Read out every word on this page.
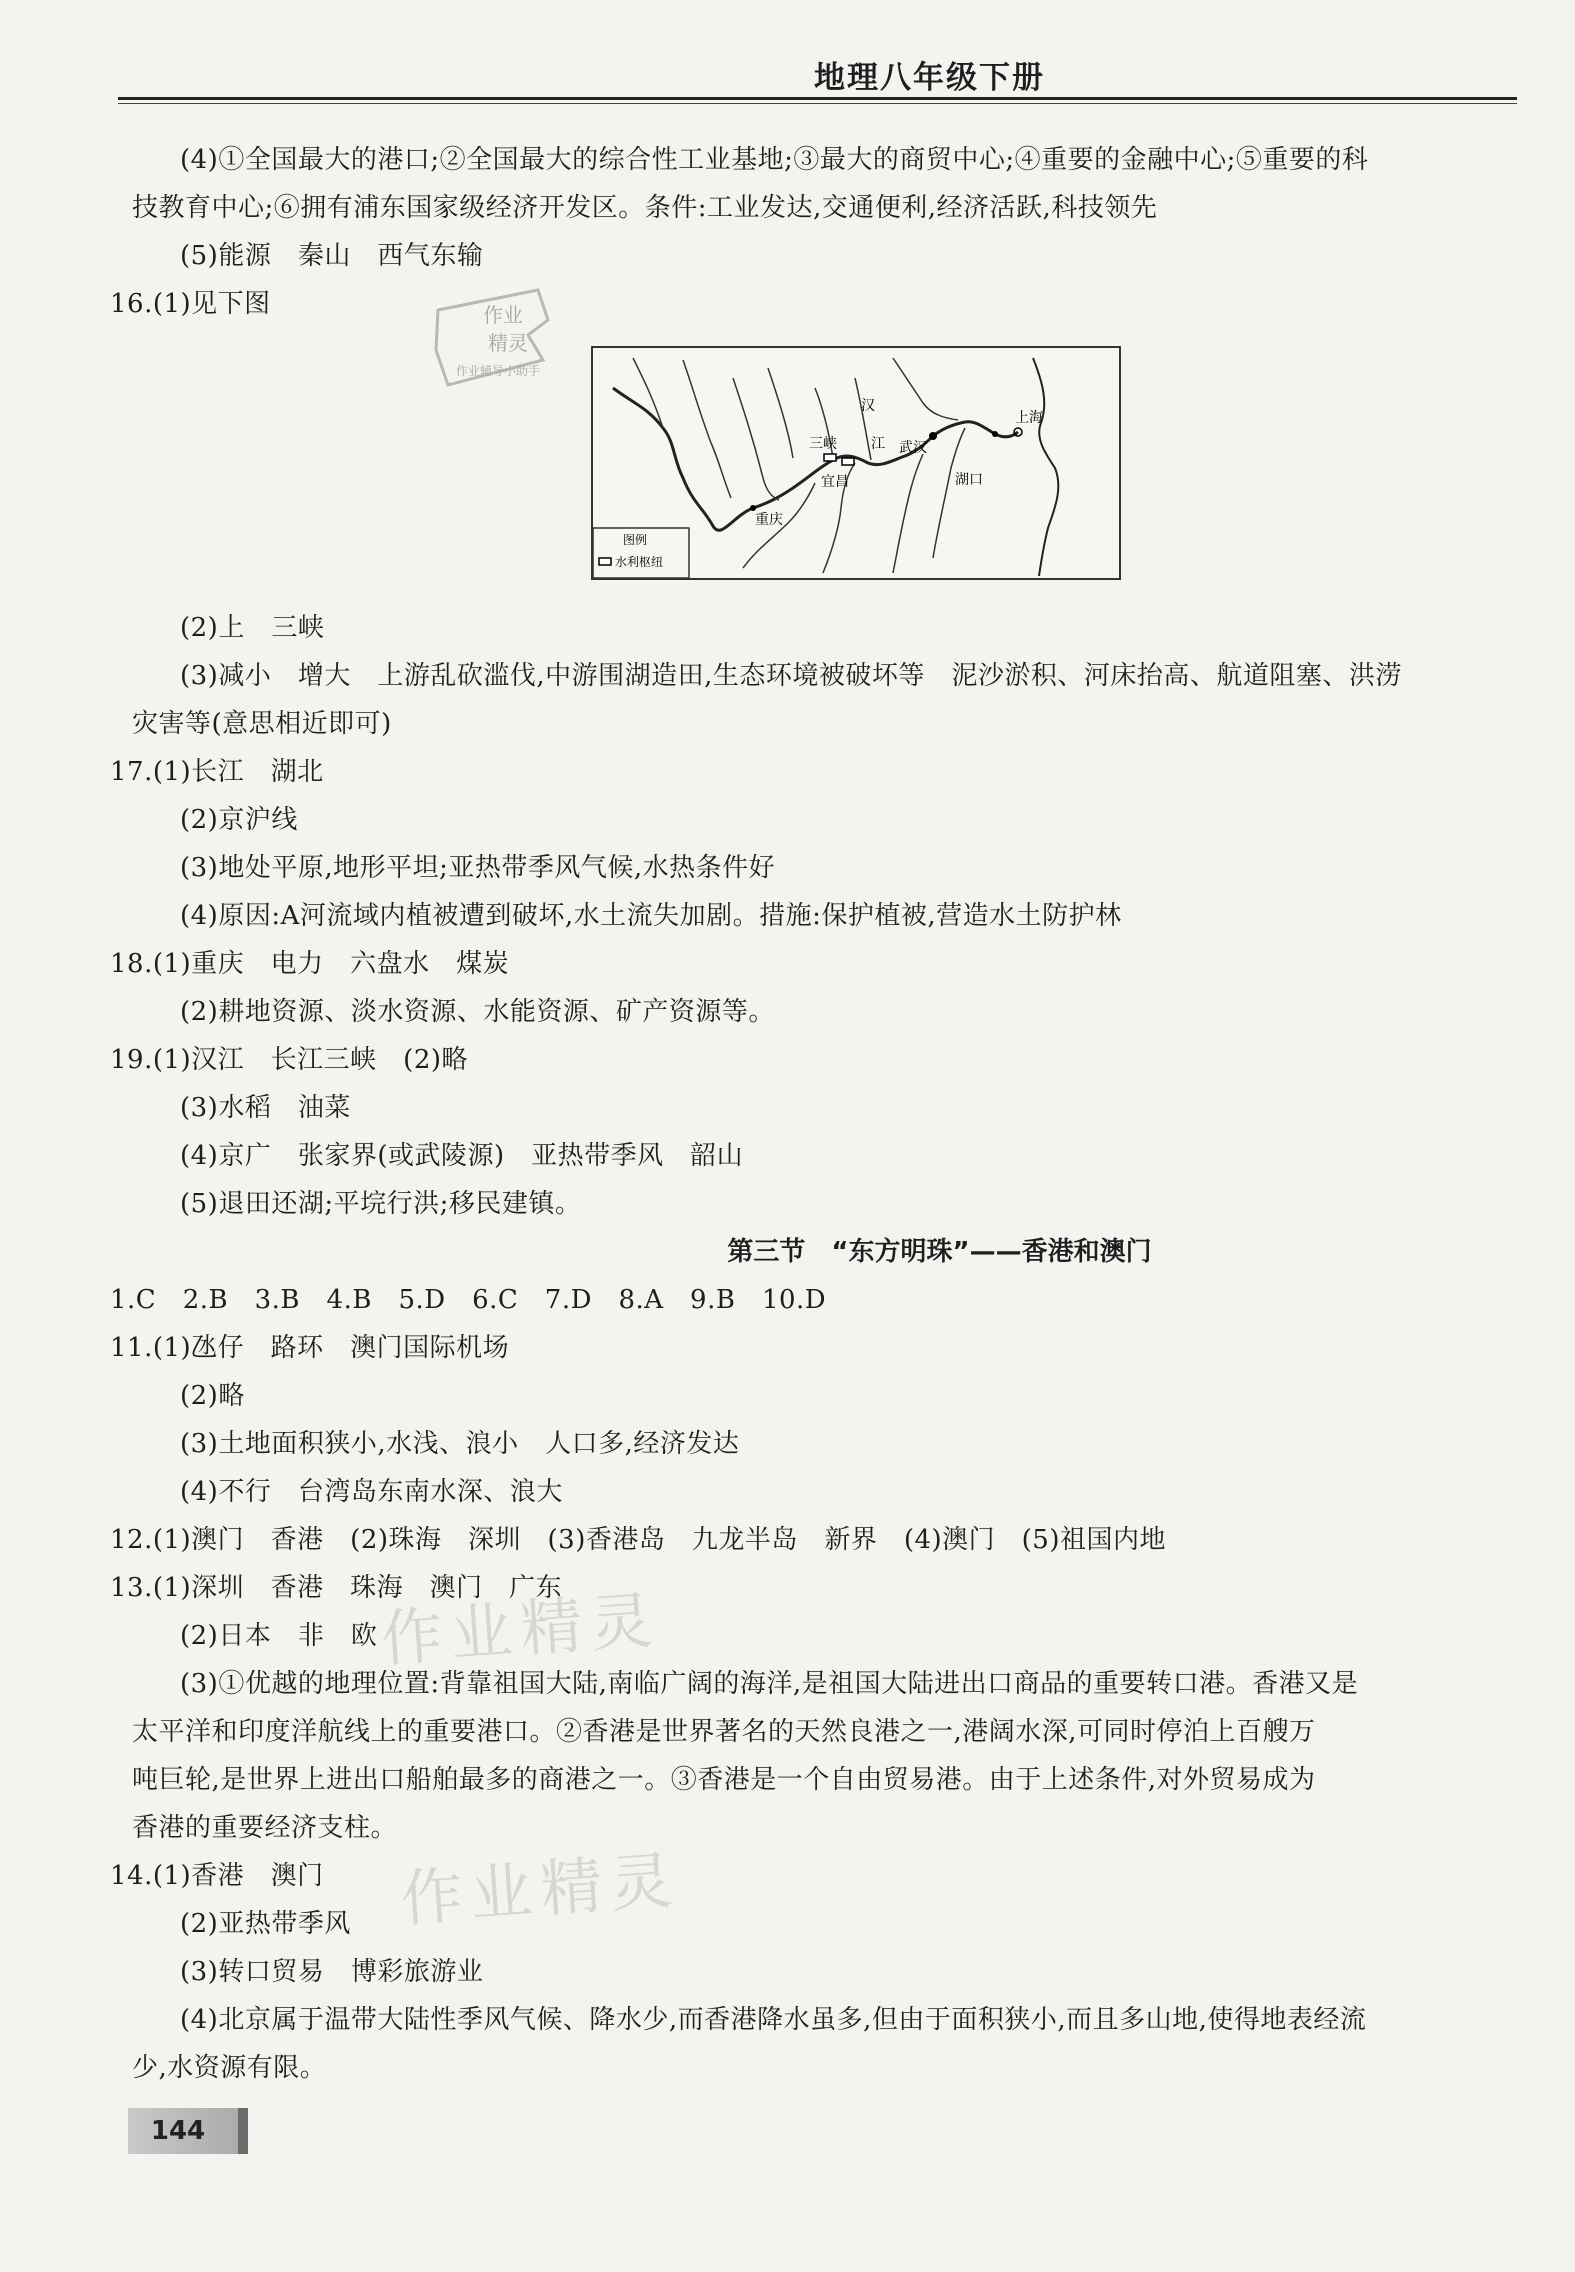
地理八年级下册
(4)①全国最大的港口;②全国最大的综合性工业基地;③最大的商贸中心;④重要的金融中心;⑤重要的科
技教育中心;⑥拥有浦东国家级经济开发区。条件:工业发达,交通便利,经济活跃,科技领先
(5)能源　秦山　西气东输
16.(1)见下图	作业
精灵
作业辅导小助手
汉
江 武汉
上海
三峡
宜昌	湖口
重庆
图例
水利枢纽
(2)上　三峡
(3)减小　增大　上游乱砍滥伐,中游围湖造田,生态环境被破坏等　泥沙淤积、河床抬高、航道阻塞、洪涝
灾害等(意思相近即可)
17.(1)长江　湖北
(2)京沪线
(3)地处平原,地形平坦;亚热带季风气候,水热条件好
(4)原因:A河流域内植被遭到破坏,水土流失加剧。措施:保护植被,营造水土防护林
18.(1)重庆　电力　六盘水　煤炭
(2)耕地资源、淡水资源、水能资源、矿产资源等。
19.(1)汉江　长江三峡　(2)略
(3)水稻　油菜
(4)京广　张家界(或武陵源)　亚热带季风　韶山
(5)退田还湖;平垸行洪;移民建镇。
第三节　“东方明珠”——香港和澳门
1.C　2.B　3.B　4.B　5.D　6.C　7.D　8.A　9.B　10.D
11.(1)氹仔　路环　澳门国际机场
(2)略
(3)土地面积狭小,水浅、浪小　人口多,经济发达
(4)不行　台湾岛东南水深、浪大
12.(1)澳门　香港　(2)珠海　深圳　(3)香港岛　九龙半岛　新界　(4)澳门　(5)祖国内地
13.(1)深圳　香港　珠海　澳门　广东
(2)日本　非　欧
(3)①优越的地理位置:背靠祖国大陆,南临广阔的海洋,是祖国大陆进出口商品的重要转口港。香港又是
太平洋和印度洋航线上的重要港口。②香港是世界著名的天然良港之一,港阔水深,可同时停泊上百艘万
吨巨轮,是世界上进出口船舶最多的商港之一。③香港是一个自由贸易港。由于上述条件,对外贸易成为
香港的重要经济支柱。
14.(1)香港　澳门
(2)亚热带季风
(3)转口贸易　博彩旅游业
(4)北京属于温带大陆性季风气候、降水少,而香港降水虽多,但由于面积狭小,而且多山地,使得地表经流
少,水资源有限。
作业精灵
作业精灵
144
